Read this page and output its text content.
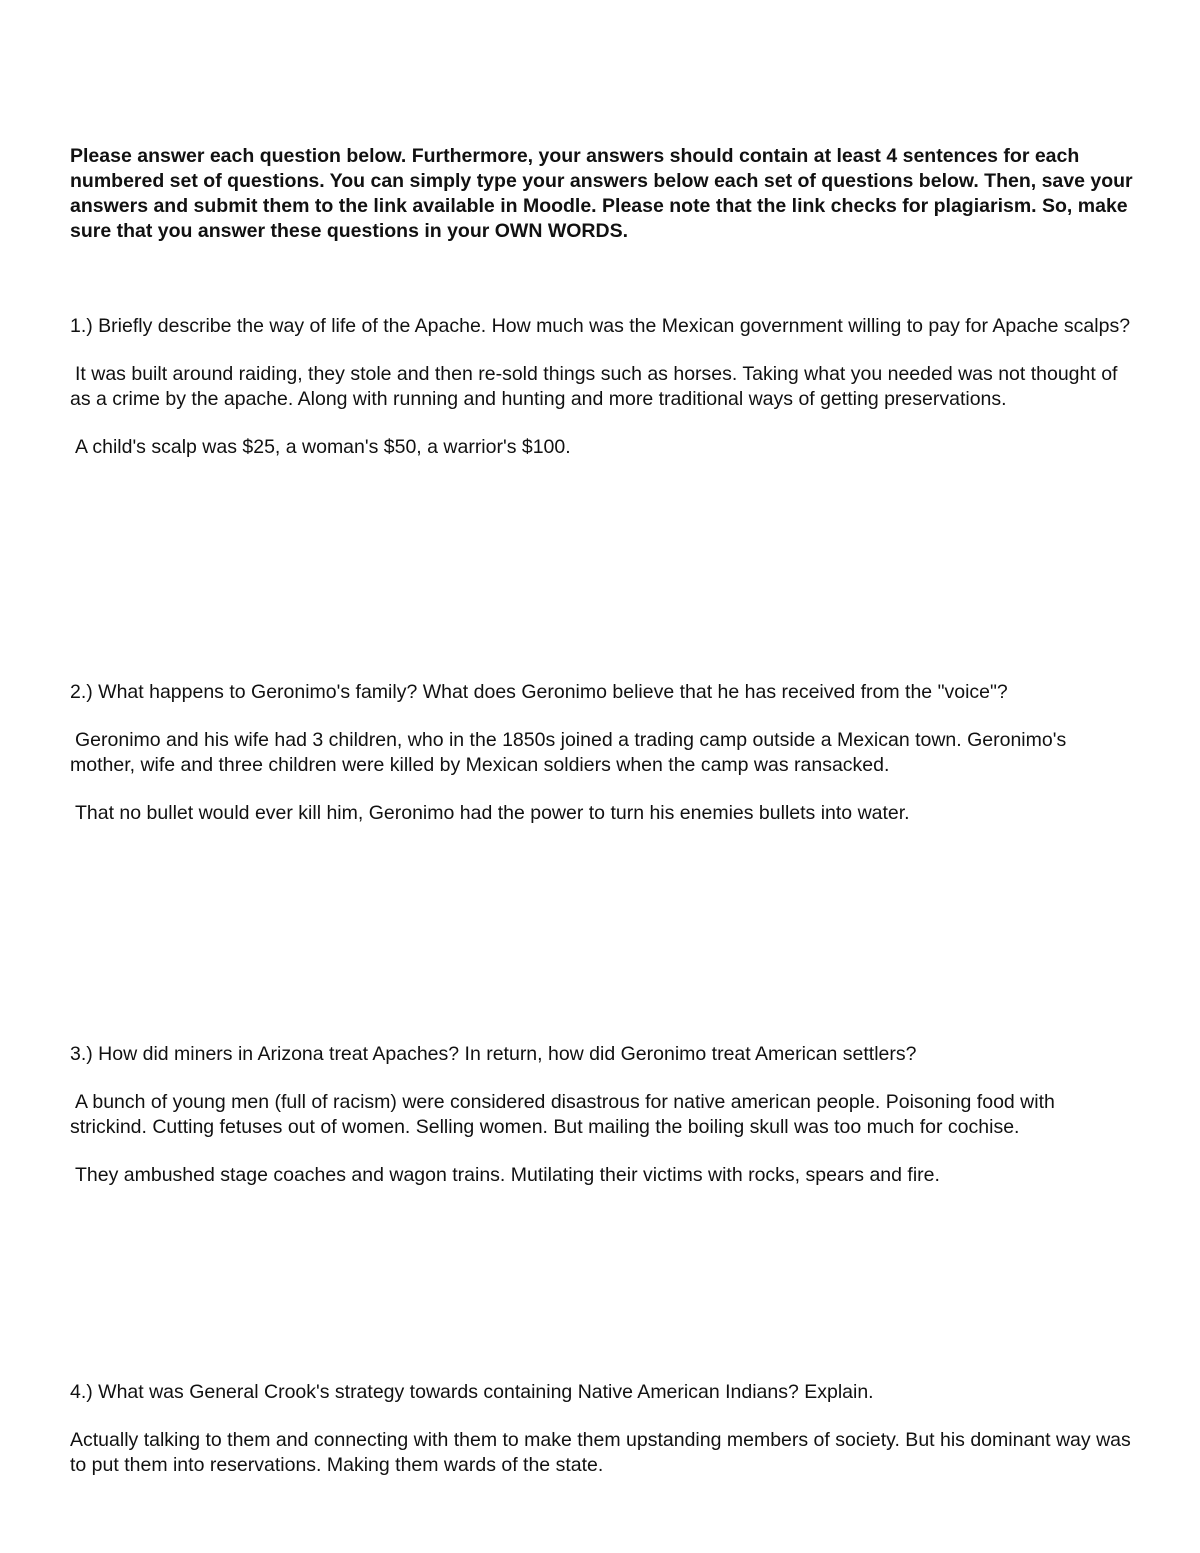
Please answer each question below. Furthermore, your answers should contain at least 4 sentences for each numbered set of questions. You can simply type your answers below each set of questions below. Then, save your answers and submit them to the link available in Moodle. Please note that the link checks for plagiarism. So, make sure that you answer these questions in your OWN WORDS.

1.) Briefly describe the way of life of the Apache. How much was the Mexican government willing to pay for Apache scalps?

It was built around raiding, they stole and then re-sold things such as horses. Taking what you needed was not thought of as a crime by the apache. Along with running and hunting and more traditional ways of getting preservations.

A child's scalp was $25, a woman's $50, a warrior's $100.

2.) What happens to Geronimo's family? What does Geronimo believe that he has received from the "voice"?

Geronimo and his wife had 3 children, who in the 1850s joined a trading camp outside a Mexican town. Geronimo's mother, wife and three children were killed by Mexican soldiers when the camp was ransacked.

That no bullet would ever kill him, Geronimo had the power to turn his enemies bullets into water.

3.) How did miners in Arizona treat Apaches? In return, how did Geronimo treat American settlers?

A bunch of young men (full of racism) were considered disastrous for native american people. Poisoning food with strickind. Cutting fetuses out of women. Selling women. But mailing the boiling skull was too much for cochise.

They ambushed stage coaches and wagon trains. Mutilating their victims with rocks, spears and fire.

4.) What was General Crook's strategy towards containing Native American Indians? Explain.

Actually talking to them and connecting with them to make them upstanding members of society. But his dominant way was to put them into reservations. Making them wards of the state.
